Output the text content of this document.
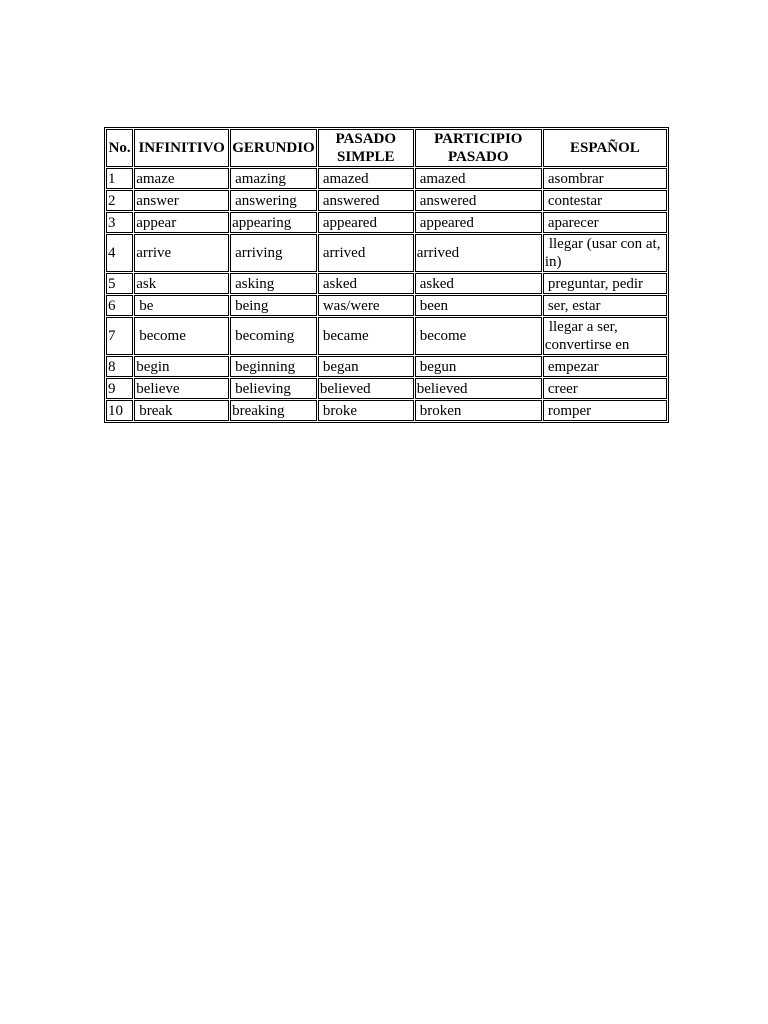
No.	INFINITIVO	GERUNDIO	PASADO SIMPLE	PARTICIPIO PASADO	ESPAÑOL
1	amaze	amazing	amazed	amazed	asombrar
2	answer	answering	answered	answered	contestar
3	appear	appearing	appeared	appeared	aparecer
4	arrive	arriving	arrived	arrived	llegar (usar con at, in)
5	ask	asking	asked	asked	preguntar, pedir
6	be	being	was/were	been	ser, estar
7	become	becoming	became	become	llegar a ser, convertirse en
8	begin	beginning	began	begun	empezar
9	believe	believing	believed	believed	creer
10	break	breaking	broke	broken	romper
